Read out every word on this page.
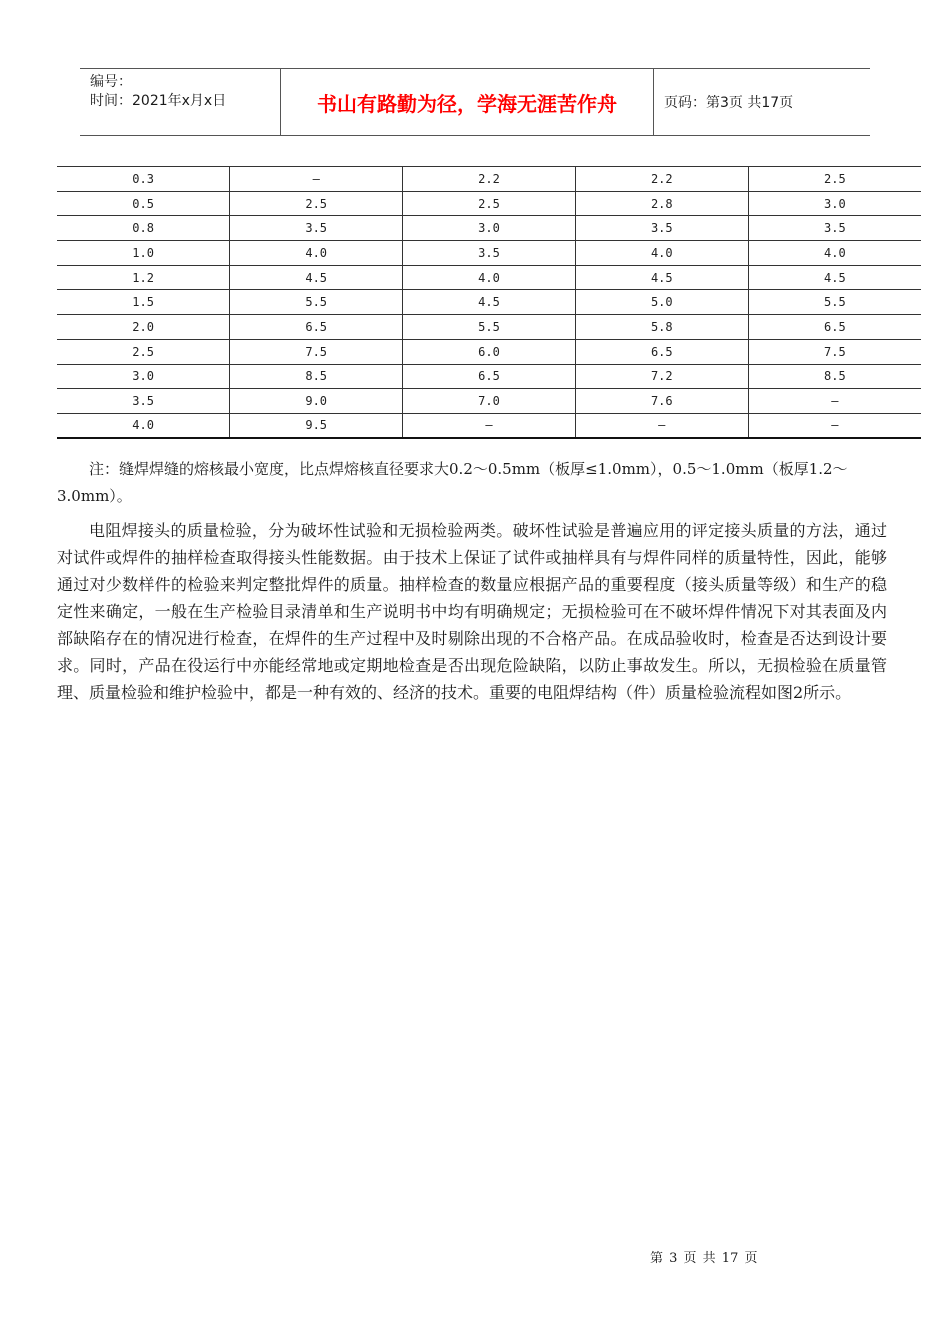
编号：
时间：2021年x月x日	书山有路勤为径，学海无涯苦作舟	页码：第3页 共17页
0.3	—	2.2	2.2	2.5
0.5	2.5	2.5	2.8	3.0
0.8	3.5	3.0	3.5	3.5
1.0	4.0	3.5	4.0	4.0
1.2	4.5	4.0	4.5	4.5
1.5	5.5	4.5	5.0	5.5
2.0	6.5	5.5	5.8	6.5
2.5	7.5	6.0	6.5	7.5
3.0	8.5	6.5	7.2	8.5
3.5	9.0	7.0	7.6	—
4.0	9.5	—	—	—
注：缝焊焊缝的熔核最小宽度，比点焊熔核直径要求大0.2～0.5mm（板厚≤1.0mm），0.5～1.0mm（板厚1.2～3.0mm）。
电阻焊接头的质量检验，分为破坏性试验和无损检验两类。破坏性试验是普遍应用的评定接头质量的方法，通过对试件或焊件的抽样检查取得接头性能数据。由于技术上保证了试件或抽样具有与焊件同样的质量特性，因此，能够通过对少数样件的检验来判定整批焊件的质量。抽样检查的数量应根据产品的重要程度（接头质量等级）和生产的稳定性来确定，一般在生产检验目录清单和生产说明书中均有明确规定；无损检验可在不破坏焊件情况下对其表面及内部缺陷存在的情况进行检查，在焊件的生产过程中及时剔除出现的不合格产品。在成品验收时，检查是否达到设计要求。同时，产品在役运行中亦能经常地或定期地检查是否出现危险缺陷，以防止事故发生。所以，无损检验在质量管理、质量检验和维护检验中，都是一种有效的、经济的技术。重要的电阻焊结构（件）质量检验流程如图2所示。
第 3 页 共 17 页
